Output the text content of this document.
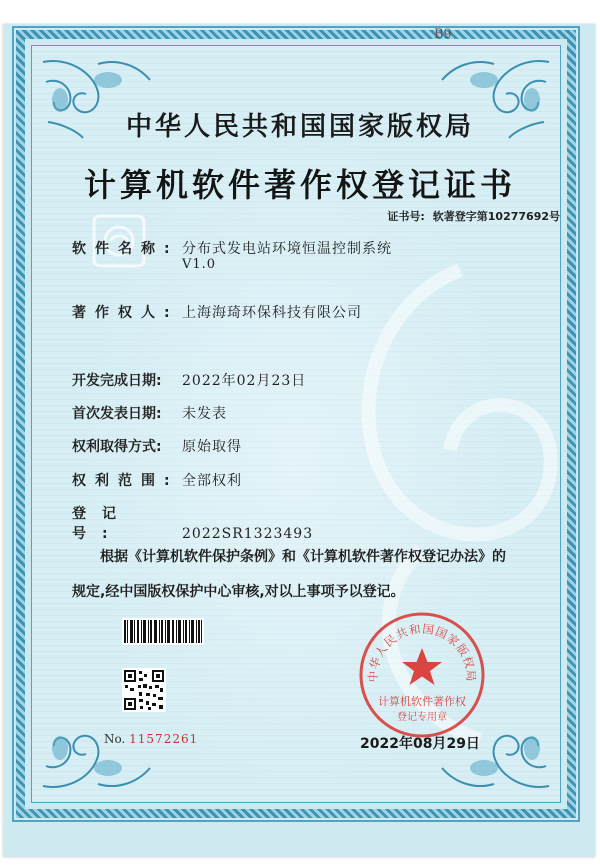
B9
中华人民共和国国家版权局
计算机软件著作权登记证书
证书号: 软著登字第10277692号
软件名称: 分布式发电站环境恒温控制系统
V1.0
著作权人: 上海海琦环保科技有限公司
开发完成日期: 2022年02月23日
首次发表日期: 未发表
权利取得方式: 原始取得
权利范围: 全部权利
登记号:	2022SR1323493
根据《计算机软件保护条例》和《计算机软件著作权登记办法》的
规定,经中国版权保护中心审核,对以上事项予以登记。
No. 11572261
中华人民共和国国家版权局
计算机软件著作权
登记专用章
2022年08月29日
